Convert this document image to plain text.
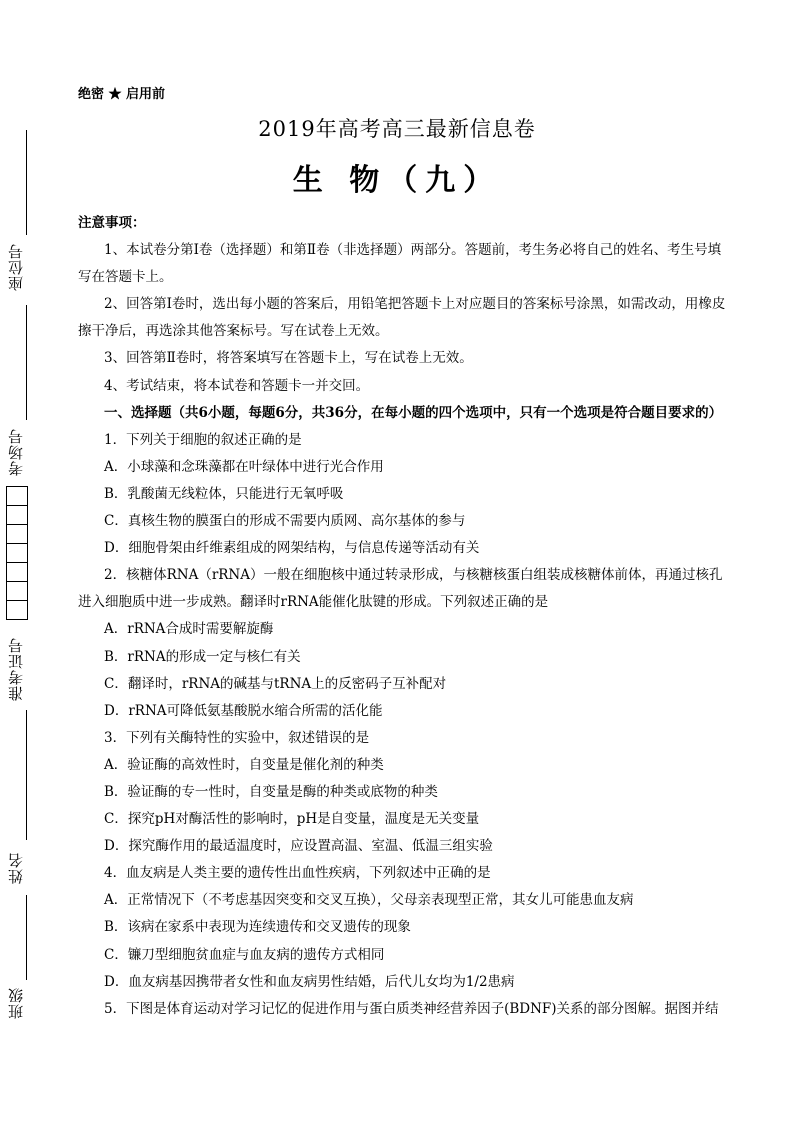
座位号
考场号
准考证号
姓名
班级
绝密 ★ 启用前
2019年高考高三最新信息卷
生 物（九）
注意事项：
1、本试卷分第Ⅰ卷（选择题）和第Ⅱ卷（非选择题）两部分。答题前，考生务必将自己的姓名、考生号填写在答题卡上。
2、回答第Ⅰ卷时，选出每小题的答案后，用铅笔把答题卡上对应题目的答案标号涂黑，如需改动，用橡皮擦干净后，再选涂其他答案标号。写在试卷上无效。
3、回答第Ⅱ卷时，将答案填写在答题卡上，写在试卷上无效。
4、考试结束，将本试卷和答题卡一并交回。
一、选择题（共6小题，每题6分，共36分，在每小题的四个选项中，只有一个选项是符合题目要求的）
1．下列关于细胞的叙述正确的是
A．小球藻和念珠藻都在叶绿体中进行光合作用
B．乳酸菌无线粒体，只能进行无氧呼吸
C．真核生物的膜蛋白的形成不需要内质网、高尔基体的参与
D．细胞骨架由纤维素组成的网架结构，与信息传递等活动有关
2．核糖体RNA（rRNA）一般在细胞核中通过转录形成，与核糖核蛋白组装成核糖体前体，再通过核孔进入细胞质中进一步成熟。翻译时rRNA能催化肽键的形成。下列叙述正确的是
A．rRNA合成时需要解旋酶
B．rRNA的形成一定与核仁有关
C．翻译时，rRNA的碱基与tRNA上的反密码子互补配对
D．rRNA可降低氨基酸脱水缩合所需的活化能
3．下列有关酶特性的实验中，叙述错误的是
A．验证酶的高效性时，自变量是催化剂的种类
B．验证酶的专一性时，自变量是酶的种类或底物的种类
C．探究pH对酶活性的影响时，pH是自变量，温度是无关变量
D．探究酶作用的最适温度时，应设置高温、室温、低温三组实验
4．血友病是人类主要的遗传性出血性疾病，下列叙述中正确的是
A．正常情况下（不考虑基因突变和交叉互换），父母亲表现型正常，其女儿可能患血友病
B．该病在家系中表现为连续遗传和交叉遗传的现象
C．镰刀型细胞贫血症与血友病的遗传方式相同
D．血友病基因携带者女性和血友病男性结婚，后代儿女均为1/2患病
5．下图是体育运动对学习记忆的促进作用与蛋白质类神经营养因子(BDNF)关系的部分图解。据图并结
